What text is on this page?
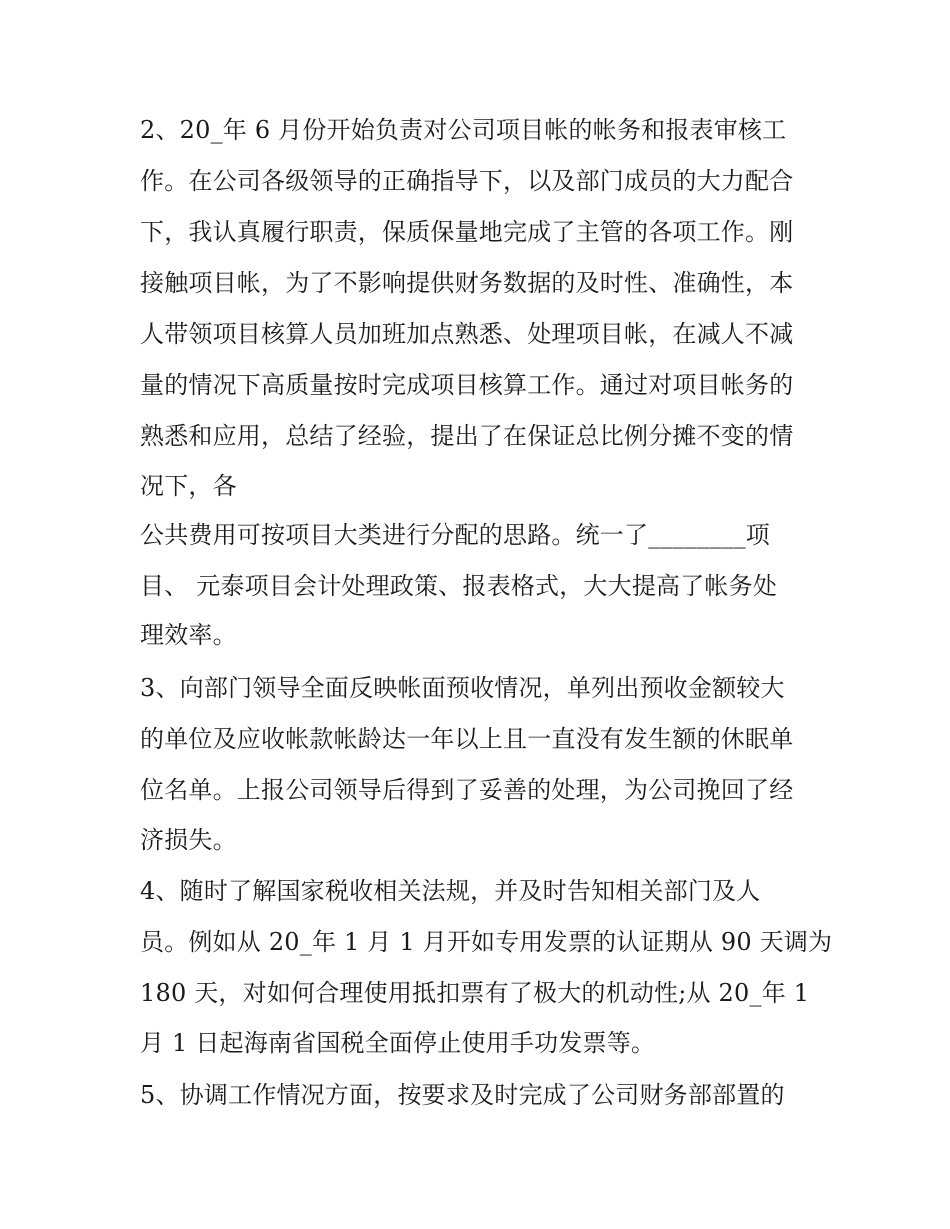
2、20_年 6 月份开始负责对公司项目帐的帐务和报表审核工
作。在公司各级领导的正确指导下，以及部门成员的大力配合
下，我认真履行职责，保质保量地完成了主管的各项工作。刚
接触项目帐，为了不影响提供财务数据的及时性、准确性，本
人带领项目核算人员加班加点熟悉、处理项目帐，在减人不减
量的情况下高质量按时完成项目核算工作。通过对项目帐务的
熟悉和应用，总结了经验，提出了在保证总比例分摊不变的情
况下，各
公共费用可按项目大类进行分配的思路。统一了________项
目、 元泰项目会计处理政策、报表格式，大大提高了帐务处
理效率。
3、向部门领导全面反映帐面预收情况，单列出预收金额较大
的单位及应收帐款帐龄达一年以上且一直没有发生额的休眠单
位名单。上报公司领导后得到了妥善的处理，为公司挽回了经
济损失。
4、随时了解国家税收相关法规，并及时告知相关部门及人
员。例如从 20_年 1 月 1 月开如专用发票的认证期从 90 天调为
180 天，对如何合理使用抵扣票有了极大的机动性;从 20_年 1
月 1 日起海南省国税全面停止使用手功发票等。
5、协调工作情况方面，按要求及时完成了公司财务部部置的
